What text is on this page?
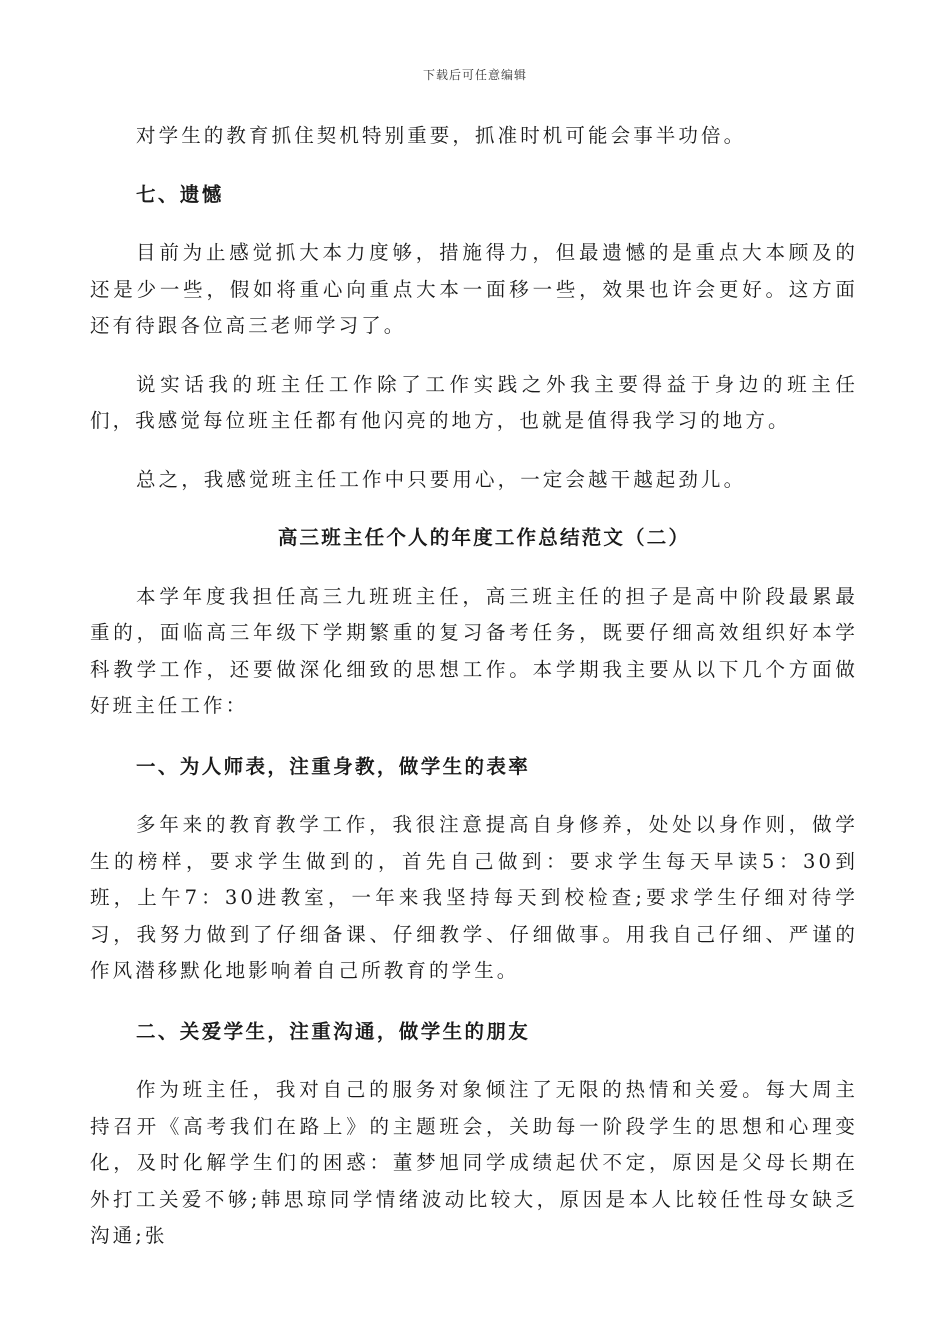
下载后可任意编辑

对学生的教育抓住契机特别重要，抓准时机可能会事半功倍。

七、遗憾

目前为止感觉抓大本力度够，措施得力，但最遗憾的是重点大本顾及的还是少一些，假如将重心向重点大本一面移一些，效果也许会更好。这方面还有待跟各位高三老师学习了。

说实话我的班主任工作除了工作实践之外我主要得益于身边的班主任们，我感觉每位班主任都有他闪亮的地方，也就是值得我学习的地方。

总之，我感觉班主任工作中只要用心，一定会越干越起劲儿。

高三班主任个人的年度工作总结范文（二）

本学年度我担任高三九班班主任，高三班主任的担子是高中阶段最累最重的，面临高三年级下学期繁重的复习备考任务，既要仔细高效组织好本学科教学工作，还要做深化细致的思想工作。本学期我主要从以下几个方面做好班主任工作：

一、为人师表，注重身教，做学生的表率

多年来的教育教学工作，我很注意提高自身修养，处处以身作则，做学生的榜样，要求学生做到的，首先自己做到：要求学生每天早读5：30到班，上午7：30进教室，一年来我坚持每天到校检查;要求学生仔细对待学习，我努力做到了仔细备课、仔细教学、仔细做事。用我自己仔细、严谨的作风潜移默化地影响着自己所教育的学生。

二、关爱学生，注重沟通，做学生的朋友

作为班主任，我对自己的服务对象倾注了无限的热情和关爱。每大周主持召开《高考我们在路上》的主题班会，关助每一阶段学生的思想和心理变化，及时化解学生们的困惑：董梦旭同学成绩起伏不定，原因是父母长期在外打工关爱不够;韩思琼同学情绪波动比较大，原因是本人比较任性母女缺乏沟通;张
